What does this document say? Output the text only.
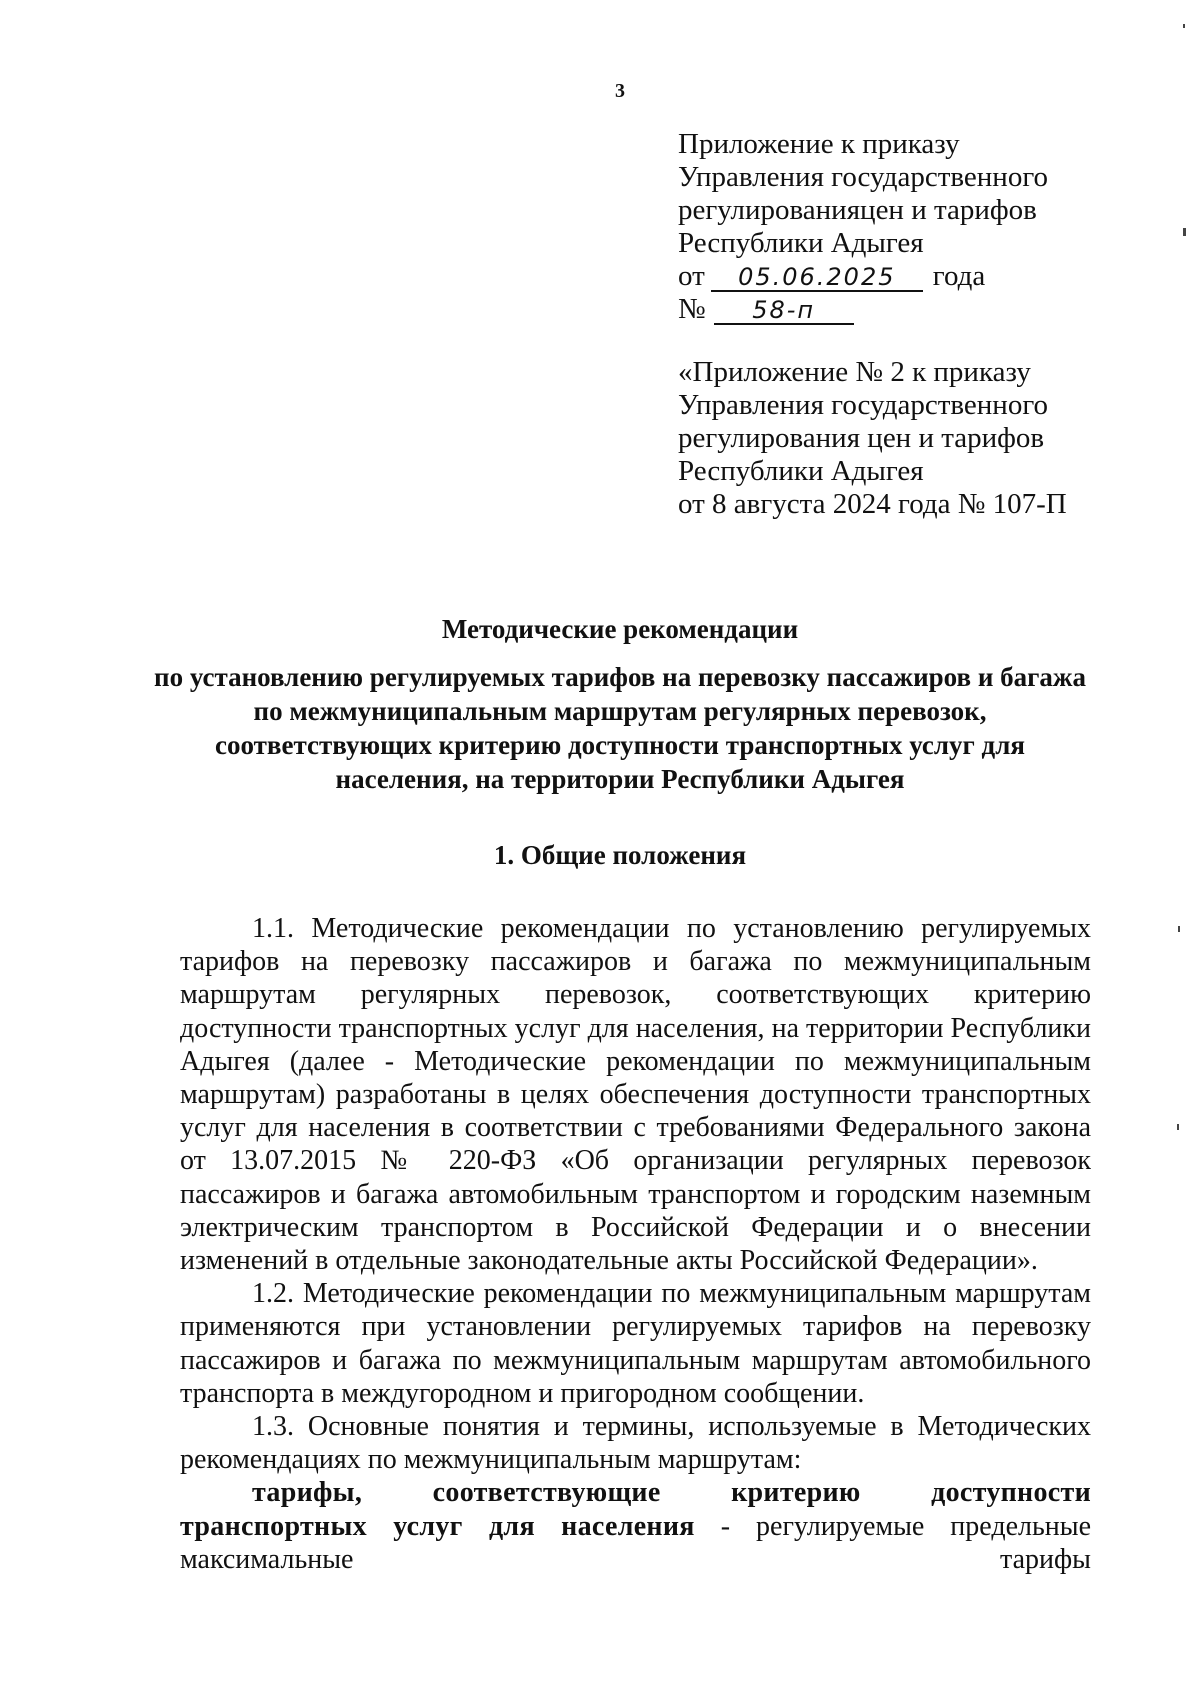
3
Приложение к приказу
Управления государственного
регулированияцен и тарифов
Республики Адыгея
от 05.06.2025 года
№ 58-п
«Приложение № 2 к приказу
Управления государственного
регулирования цен и тарифов
Республики Адыгея
от 8 августа 2024 года № 107-П
Методические рекомендации
по установлению регулируемых тарифов на перевозку пассажиров и багажа по межмуниципальным маршрутам регулярных перевозок, соответствующих критерию доступности транспортных услуг для населения, на территории Республики Адыгея
1. Общие положения

1.1. Методические рекомендации по установлению регулируемых тарифов на перевозку пассажиров и багажа по межмуниципальным маршрутам регулярных перевозок, соответствующих критерию доступности транспортных услуг для населения, на территории Республики Адыгея (далее - Методические рекомендации по межмуниципальным маршрутам) разработаны в целях обеспечения доступности транспортных услуг для населения в соответствии с требованиями Федерального закона от 13.07.2015 № 220-ФЗ «Об организации регулярных перевозок пассажиров и багажа автомобильным транспортом и городским наземным электрическим транспортом в Российской Федерации и о внесении изменений в отдельные законодательные акты Российской Федерации».

1.2. Методические рекомендации по межмуниципальным маршрутам применяются при установлении регулируемых тарифов на перевозку пассажиров и багажа по межмуниципальным маршрутам автомобильного транспорта в междугородном и пригородном сообщении.

1.3. Основные понятия и термины, используемые в Методических рекомендациях по межмуниципальным маршрутам:

тарифы, соответствующие критерию доступности транспортных услуг для населения - регулируемые предельные максимальные тарифы
